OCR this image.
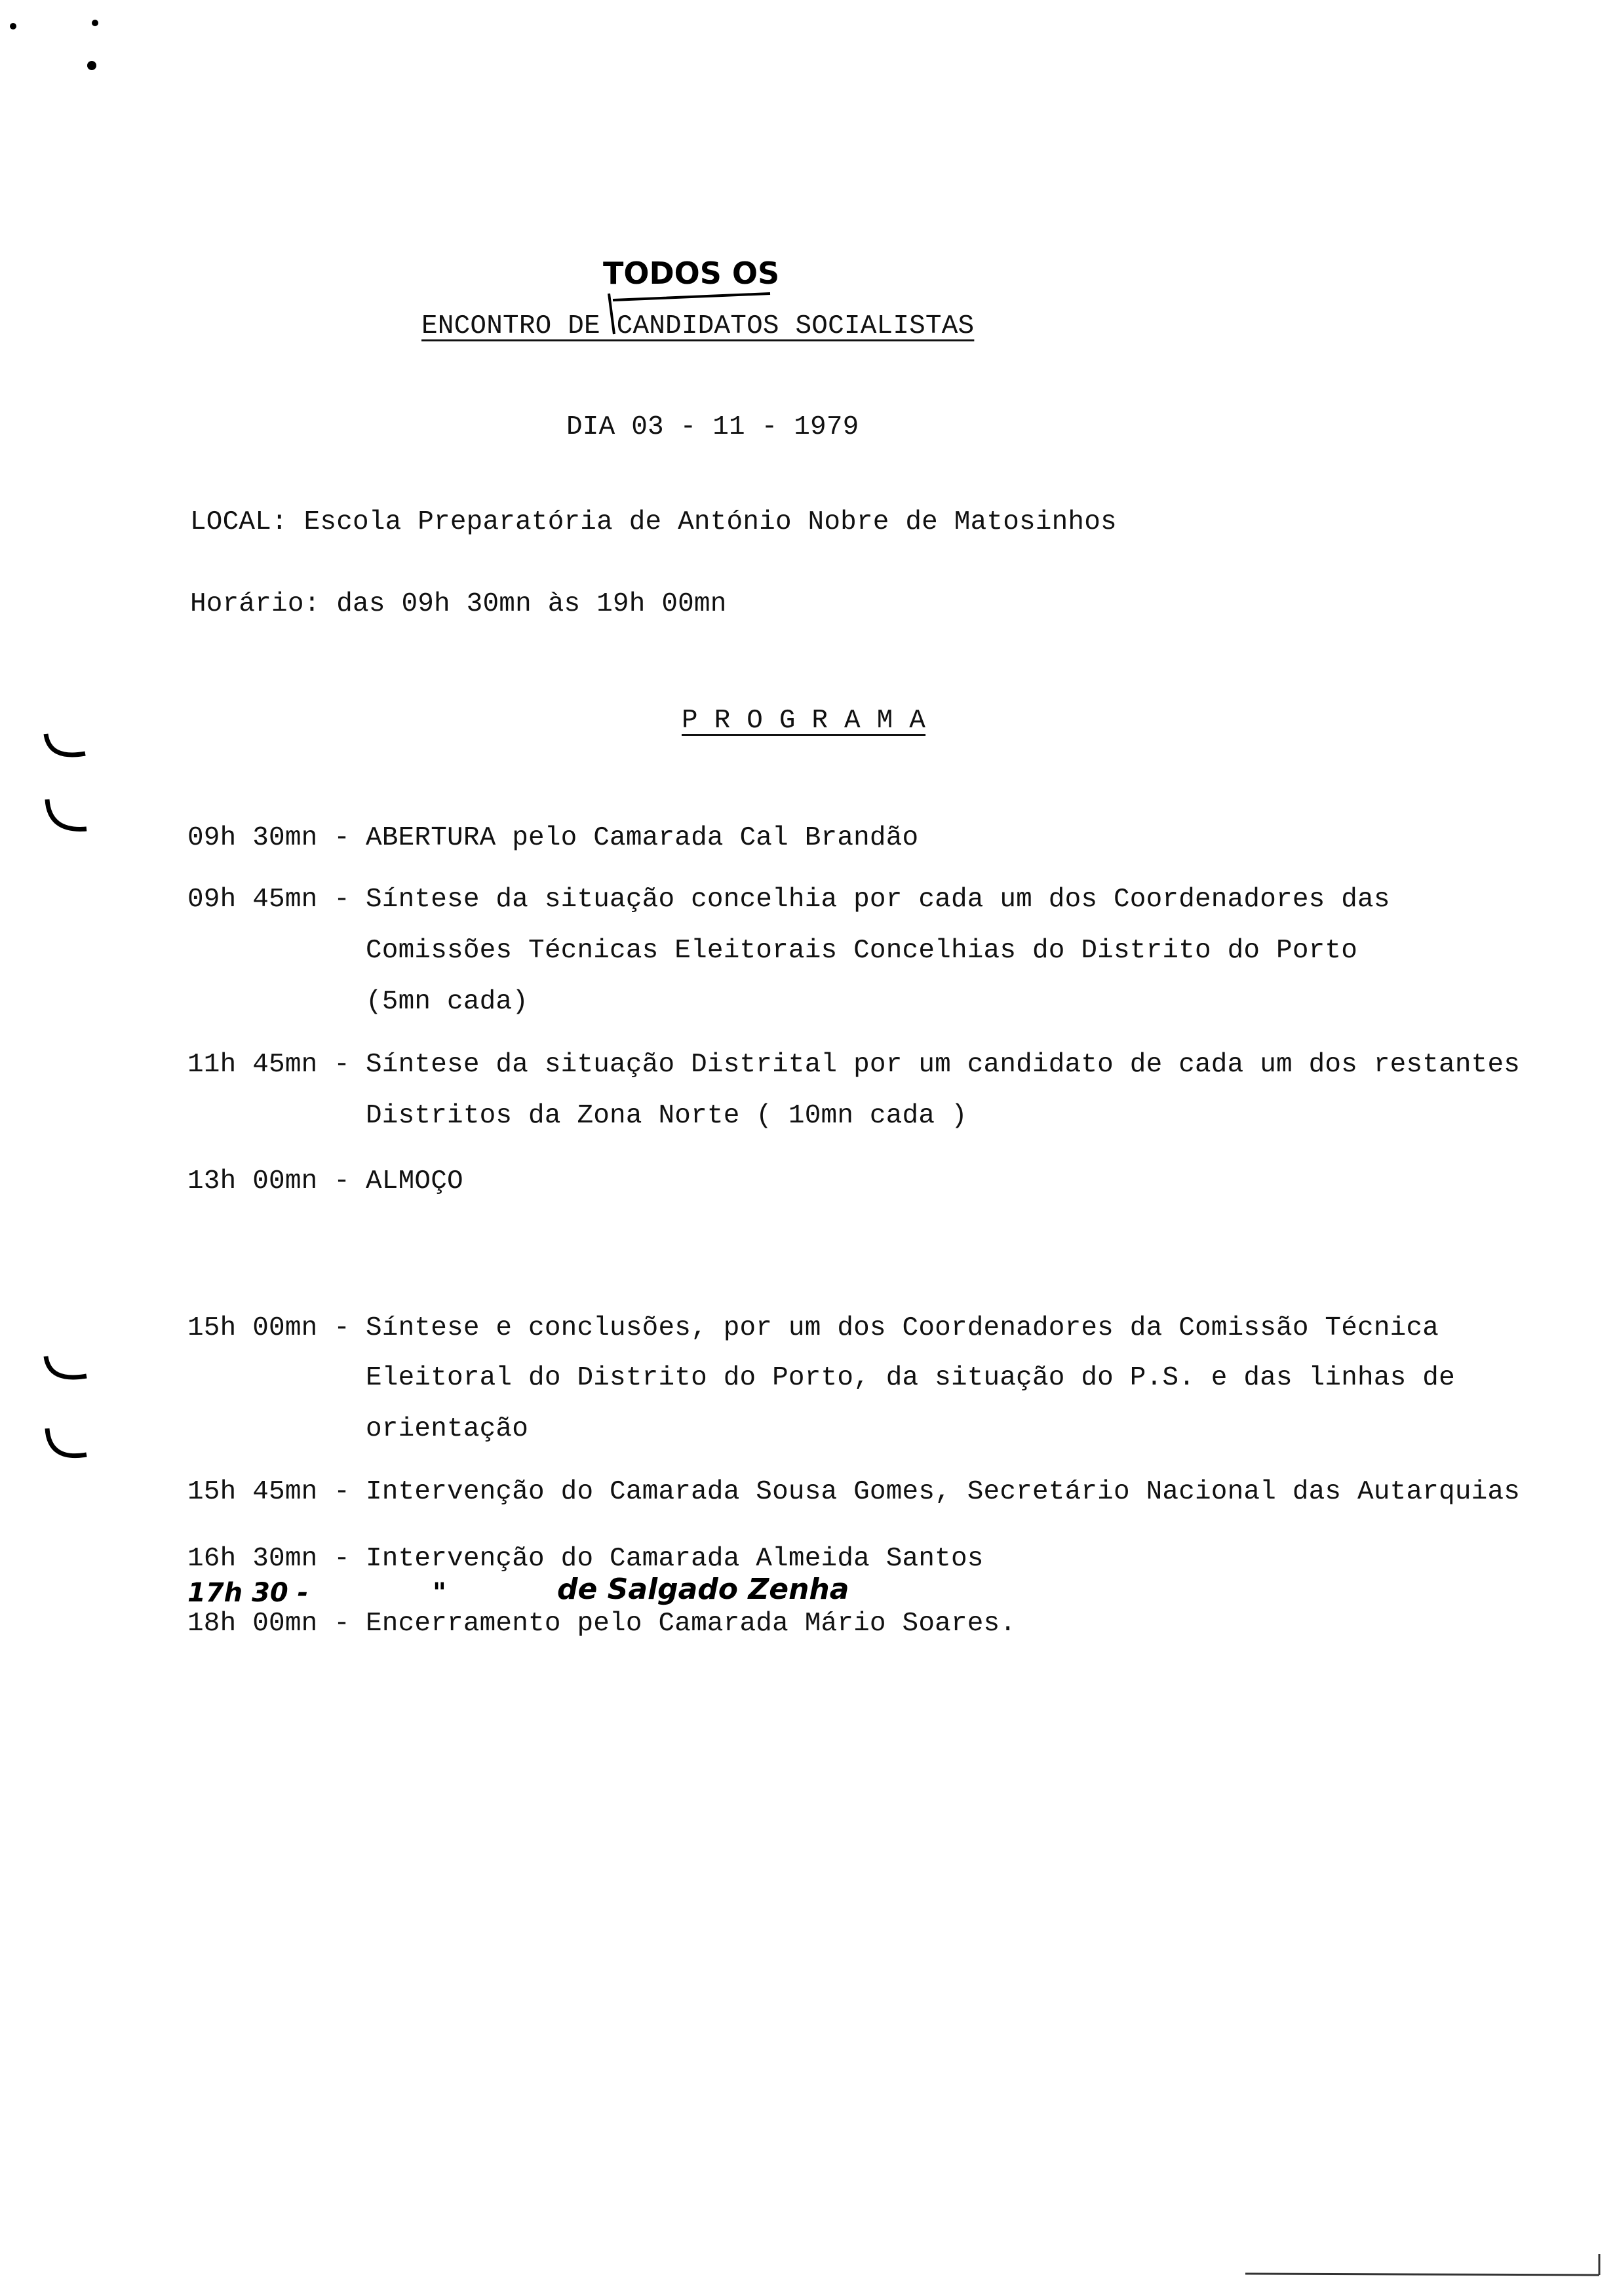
TODOS OS
ENCONTRO DE CANDIDATOS SOCIALISTAS
DIA 03 - 11 - 1979
LOCAL: Escola Preparatória de António Nobre de Matosinhos
Horário: das 09h 30mn às 19h 00mn
P R O G R A M A
09h 30mn - ABERTURA pelo Camarada Cal Brandão
09h 45mn - Síntese da situação concelhia por cada um dos Coordenadores das
Comissões Técnicas Eleitorais Concelhias do Distrito do Porto
(5mn cada)
11h 45mn - Síntese da situação Distrital por um candidato de cada um dos restantes
Distritos da Zona Norte ( 10mn cada )
13h 00mn - ALMOÇO
15h 00mn - Síntese e conclusões, por um dos Coordenadores da Comissão Técnica
Eleitoral do Distrito do Porto, da situação do P.S. e das linhas de
orientação
15h 45mn - Intervenção do Camarada Sousa Gomes, Secretário Nacional das Autarquias
16h 30mn - Intervenção do Camarada Almeida Santos
17h 30 -	"	de Salgado Zenha
18h 00mn - Encerramento pelo Camarada Mário Soares.
